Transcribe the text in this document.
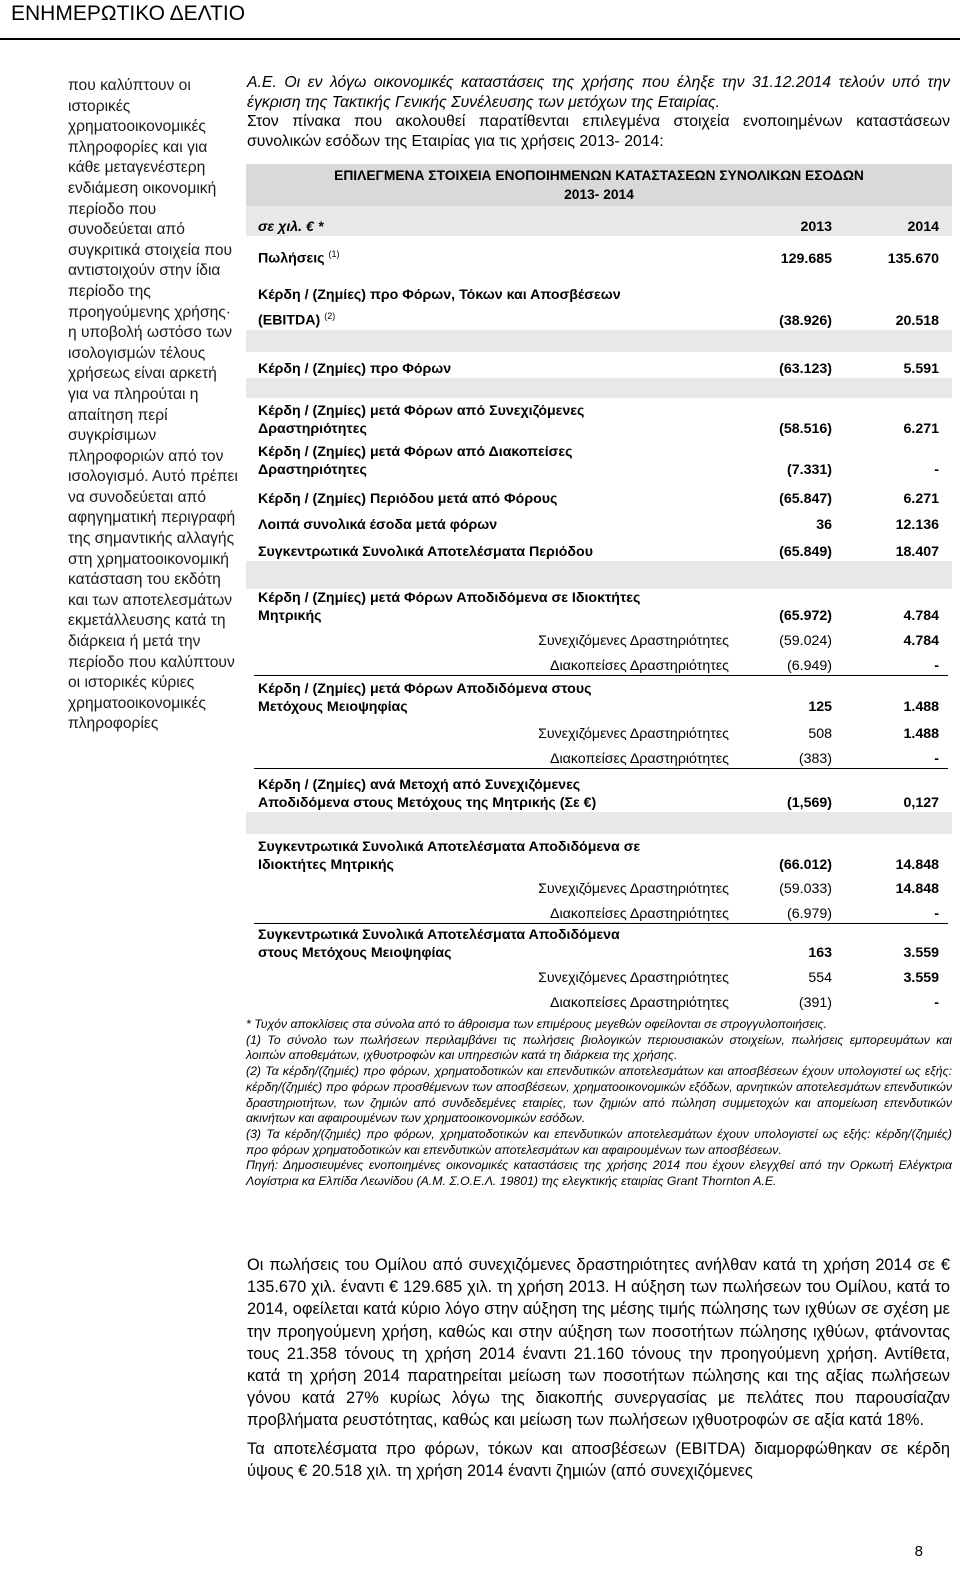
ΕΝΗΜΕΡΩΤΙΚΟ ΔΕΛΤΙΟ

που καλύπτουν οι ιστορικές χρηματοοικονομικές πληροφορίες και για κάθε μεταγενέστερη ενδιάμεση οικονομική περίοδο που συνοδεύεται από συγκριτικά στοιχεία που αντιστοιχούν στην ίδια περίοδο της προηγούμενης χρήσης· η υποβολή ωστόσο των ισολογισμών τέλους χρήσεως είναι αρκετή για να πληρούται η απαίτηση περί συγκρίσιμων πληροφοριών από τον ισολογισμό. Αυτό πρέπει να συνοδεύεται από αφηγηματική περιγραφή της σημαντικής αλλαγής στη χρηματοοικονομική κατάσταση του εκδότη και των αποτελεσμάτων εκμετάλλευσης κατά τη διάρκεια ή μετά την περίοδο που καλύπτουν οι ιστορικές κύριες χρηματοοικονομικές πληροφορίες

Α.Ε. Οι εν λόγω οικονομικές καταστάσεις της χρήσης που έληξε την 31.12.2014 τελούν υπό την έγκριση της Τακτικής Γενικής Συνέλευσης των μετόχων της Εταιρίας.

Στον πίνακα που ακολουθεί παρατίθενται επιλεγμένα στοιχεία ενοποιημένων καταστάσεων συνολικών εσόδων της Εταιρίας για τις χρήσεις 2013- 2014:

ΕΠΙΛΕΓΜΕΝΑ ΣΤΟΙΧΕΙΑ ΕΝΟΠΟΙΗΜΕΝΩΝ ΚΑΤΑΣΤΑΣΕΩΝ ΣΥΝΟΛΙΚΩΝ ΕΣΟΔΩΝ
2013- 2014
σε χιλ. € *	2013	2014
Πωλήσεις $^{(1)}$	129.685	135.670
Κέρδη / (Ζημίες) προ Φόρων, Τόκων και Αποσβέσεων
(EBITDA) $^{(2)}$	(38.926)	20.518
Κέρδη / (Ζημίες) προ Φόρων	(63.123)	5.591
Κέρδη / (Ζημίες) μετά Φόρων από Συνεχιζόμενες
Δραστηριότητες	(58.516)	6.271
Κέρδη / (Ζημίες) μετά Φόρων από Διακοπείσες
Δραστηριότητες	(7.331)	-
Κέρδη / (Ζημίες) Περιόδου μετά από Φόρους	(65.847)	6.271
Λοιπά συνολικά έσοδα μετά φόρων	36	12.136
Συγκεντρωτικά Συνολικά Αποτελέσματα Περιόδου	(65.849)	18.407
Κέρδη / (Ζημίες) μετά Φόρων Αποδιδόμενα σε Ιδιοκτήτες
Μητρικής	(65.972)	4.784
Συνεχιζόμενες Δραστηριότητες	(59.024)	4.784
Διακοπείσες Δραστηριότητες	(6.949)	-
Κέρδη / (Ζημίες) μετά Φόρων Αποδιδόμενα στους
Μετόχους Μειοψηφίας	125	1.488
Συνεχιζόμενες Δραστηριότητες	508	1.488
Διακοπείσες Δραστηριότητες	(383)	-
Κέρδη / (Ζημίες) ανά Μετοχή από Συνεχιζόμενες
Αποδιδόμενα στους Μετόχους της Μητρικής (Σε €)	(1,569)	0,127
Συγκεντρωτικά Συνολικά Αποτελέσματα Αποδιδόμενα σε
Ιδιοκτήτες Μητρικής	(66.012)	14.848
Συνεχιζόμενες Δραστηριότητες	(59.033)	14.848
Διακοπείσες Δραστηριότητες	(6.979)	-
Συγκεντρωτικά Συνολικά Αποτελέσματα Αποδιδόμενα
στους Μετόχους Μειοψηφίας	163	3.559
Συνεχιζόμενες Δραστηριότητες	554	3.559
Διακοπείσες Δραστηριότητες	(391)	-

* Τυχόν αποκλίσεις στα σύνολα από το άθροισμα των επιμέρους μεγεθών οφείλονται σε στρογγυλοποιήσεις.

(1) Το σύνολο των πωλήσεων περιλαμβάνει τις πωλήσεις βιολογικών περιουσιακών στοιχείων, πωλήσεις εμπορευμάτων και λοιπών αποθεμάτων, ιχθυοτροφών και υπηρεσιών κατά τη διάρκεια της χρήσης.

(2) Τα κέρδη/(ζημιές) προ φόρων, χρηματοδοτικών και επενδυτικών αποτελεσμάτων και αποσβέσεων έχουν υπολογιστεί ως εξής: κέρδη/(ζημιές) προ φόρων προσθέμενων των αποσβέσεων, χρηματοοικονομικών εξόδων, αρνητικών αποτελεσμάτων επενδυτικών δραστηριοτήτων, των ζημιών από συνδεδεμένες εταιρίες, των ζημιών από πώληση συμμετοχών και απομείωση επενδυτικών ακινήτων και αφαιρουμένων των χρηματοοικονομικών εσόδων.

(3) Τα κέρδη/(ζημιές) προ φόρων, χρηματοδοτικών και επενδυτικών αποτελεσμάτων έχουν υπολογιστεί ως εξής: κέρδη/(ζημιές) προ φόρων χρηματοδοτικών και επενδυτικών αποτελεσμάτων και αφαιρουμένων των αποσβέσεων.

Πηγή: Δημοσιευμένες ενοποιημένες οικονομικές καταστάσεις της χρήσης 2014 που έχουν ελεγχθεί από την Ορκωτή Ελέγκτρια Λογίστρια κα Ελπίδα Λεωνίδου (Α.Μ. Σ.Ο.Ε.Λ. 19801) της ελεγκτικής εταιρίας Grant Thornton A.E.

Οι πωλήσεις του Ομίλου από συνεχιζόμενες δραστηριότητες ανήλθαν κατά τη χρήση 2014 σε € 135.670 χιλ. έναντι € 129.685 χιλ. τη χρήση 2013. Η αύξηση των πωλήσεων του Ομίλου, κατά το 2014, οφείλεται κατά κύριο λόγο στην αύξηση της μέσης τιμής πώλησης των ιχθύων σε σχέση με την προηγούμενη χρήση, καθώς και στην αύξηση των ποσοτήτων πώλησης ιχθύων, φτάνοντας τους 21.358 τόνους τη χρήση 2014 έναντι 21.160 τόνους την προηγούμενη χρήση. Αντίθετα, κατά τη χρήση 2014 παρατηρείται μείωση των ποσοτήτων πώλησης και της αξίας πωλήσεων γόνου κατά 27% κυρίως λόγω της διακοπής συνεργασίας με πελάτες που παρουσίαζαν προβλήματα ρευστότητας, καθώς και μείωση των πωλήσεων ιχθυοτροφών σε αξία κατά 18%.

Τα αποτελέσματα προ φόρων, τόκων και αποσβέσεων (EBITDA) διαμορφώθηκαν σε κέρδη ύψους € 20.518 χιλ. τη χρήση 2014 έναντι ζημιών (από συνεχιζόμενες

8
